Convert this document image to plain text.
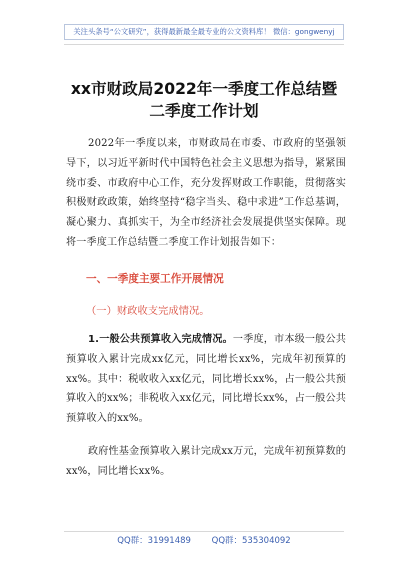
关注头条号“公文研究”，获得最新最全最专业的公文资料库！ 微信：gongwenyj
xx市财政局2022年一季度工作总结暨二季度工作计划
2022年一季度以来，市财政局在市委、市政府的坚强领导下，以习近平新时代中国特色社会主义思想为指导，紧紧围绕市委、市政府中心工作，充分发挥财政工作职能，贯彻落实积极财政政策，始终坚持“稳字当头、稳中求进”工作总基调，凝心聚力、真抓实干，为全市经济社会发展提供坚实保障。现将一季度工作总结暨二季度工作计划报告如下：
一、一季度主要工作开展情况
（一）财政收支完成情况。
1.一般公共预算收入完成情况。一季度，市本级一般公共预算收入累计完成xx亿元，同比增长xx%，完成年初预算的xx%。其中：税收收入xx亿元，同比增长xx%，占一般公共预算收入的xx%；非税收入xx亿元，同比增长xx%，占一般公共预算收入的xx%。
政府性基金预算收入累计完成xx万元，完成年初预算数的xx%，同比增长xx%。
QQ群：31991489 QQ群：535304092
